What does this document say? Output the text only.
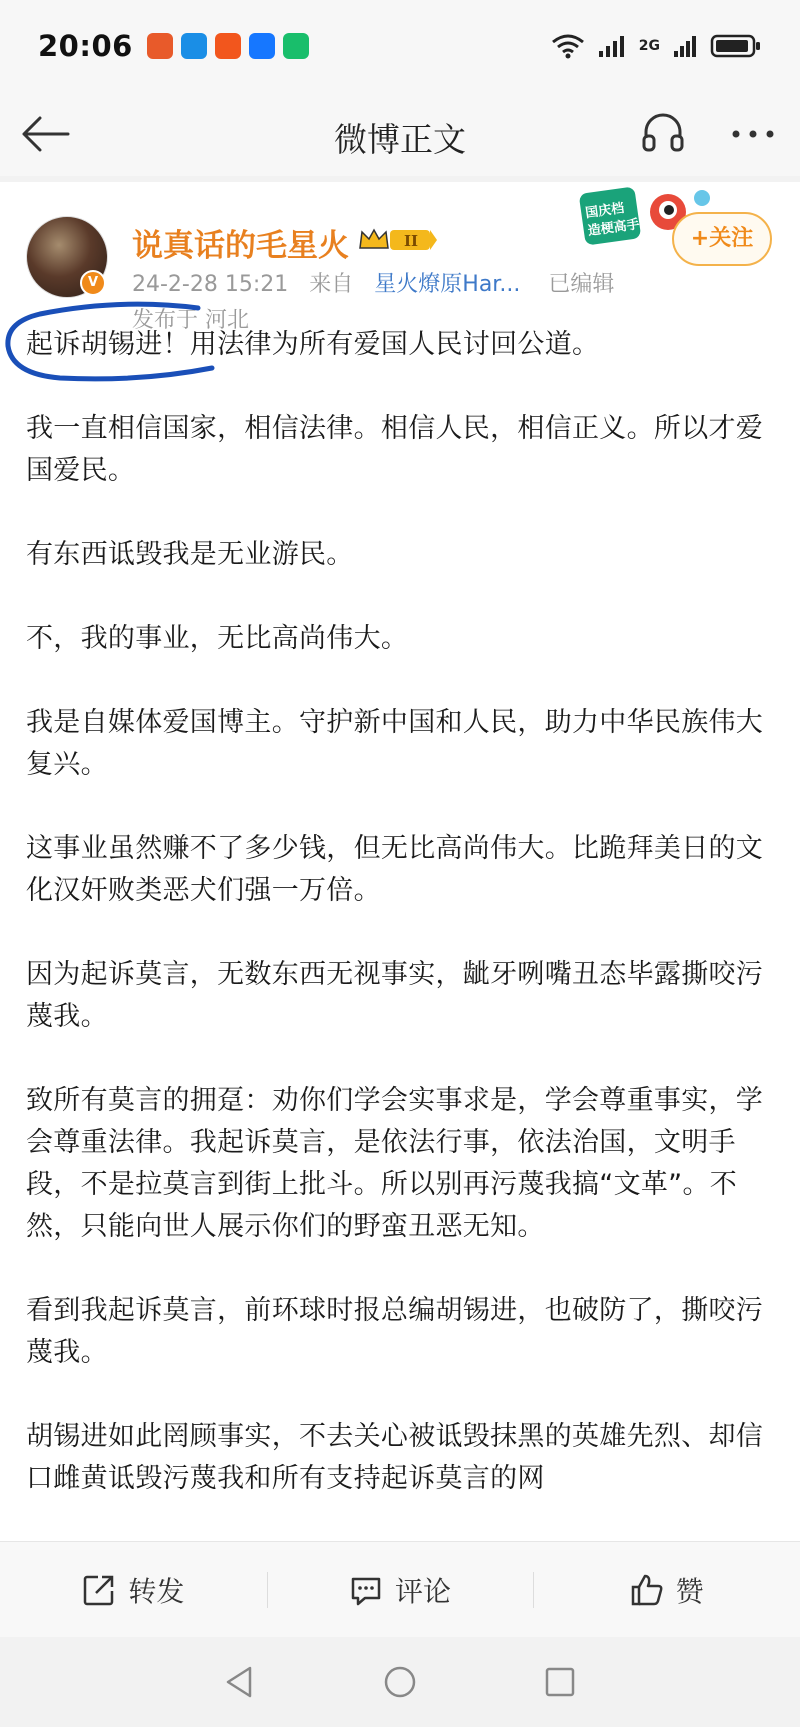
20:06	2G
微博正文
V
说真话的毛星火	II
24-2-28 15:21 来自 星火燎原Har... 已编辑
发布于 河北
国庆档
造梗高手	+关注

起诉胡锡进！用法律为所有爱国人民讨回公道。

我一直相信国家，相信法律。相信人民，相信正义。所以才爱国爱民。

有东西诋毁我是无业游民。

不，我的事业，无比高尚伟大。

我是自媒体爱国博主。守护新中国和人民，助力中华民族伟大复兴。

这事业虽然赚不了多少钱，但无比高尚伟大。比跪拜美日的文化汉奸败类恶犬们强一万倍。

因为起诉莫言，无数东西无视事实，龇牙咧嘴丑态毕露撕咬污蔑我。

致所有莫言的拥趸：劝你们学会实事求是，学会尊重事实，学会尊重法律。我起诉莫言，是依法行事，依法治国，文明手段，不是拉莫言到街上批斗。所以别再污蔑我搞“文革”。不然，只能向世人展示你们的野蛮丑恶无知。

看到我起诉莫言，前环球时报总编胡锡进，也破防了，撕咬污蔑我。

胡锡进如此罔顾事实，不去关心被诋毁抹黑的英雄先烈、却信口雌黄诋毁污蔑我和所有支持起诉莫言的网

转发	评论	赞
